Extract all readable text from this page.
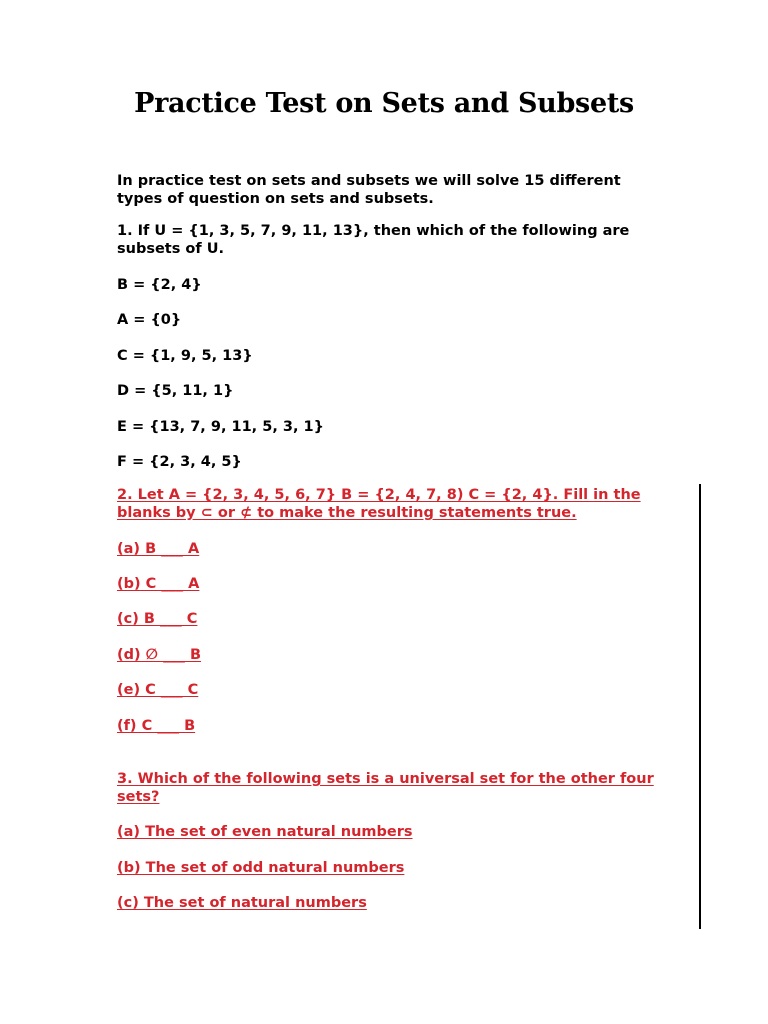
Practice Test on Sets and Subsets

In practice test on sets and subsets we will solve 15 different types of question on sets and subsets.

1. If U = {1, 3, 5, 7, 9, 11, 13}, then which of the following are subsets of U.

B = {2, 4}

A = {0}

C = {1, 9, 5, 13}

D = {5, 11, 1}

E = {13, 7, 9, 11, 5, 3, 1}

F = {2, 3, 4, 5}

2. Let A = {2, 3, 4, 5, 6, 7} B = {2, 4, 7, 8) C = {2, 4}. Fill in the blanks by ⊂ or ⊄ to make the resulting statements true.

(a) B ___ A

(b) C ___ A

(c) B ___ C

(d) ∅ ___ B

(e) C ___ C

(f) C ___ B

3. Which of the following sets is a universal set for the other four sets?

(a) The set of even natural numbers

(b) The set of odd natural numbers

(c) The set of natural numbers
